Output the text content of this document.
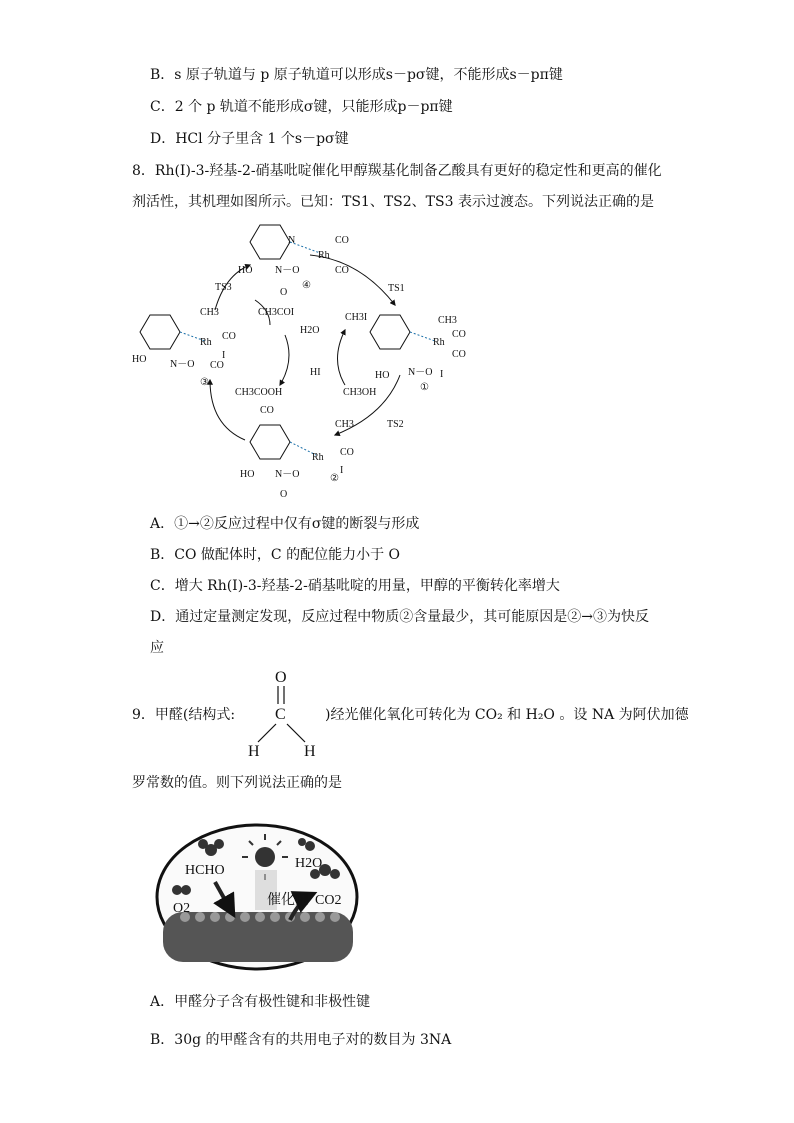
B．s 原子轨道与 p 原子轨道可以形成s－pσ键，不能形成s－pπ键
C．2 个 p 轨道不能形成σ键，只能形成p－pπ键
D．HCl 分子里含 1 个s－pσ键
8．Rh(I)-3-羟基-2-硝基吡啶催化甲醇羰基化制备乙酸具有更好的稳定性和更高的催化
剂活性，其机理如图所示。已知：TS1、TS2、TS3 表示过渡态。下列说法正确的是
N
Rh
CO
CO
HO N－O
O
④
TS3
CH3COI
TS1
CH3I
H2O
HI
CH3OH
CH3COOH
HO N－O
Rh
CH3
CO
CO
I
①
TS2
Rh
CO
I
CO
HO N－O
③
CH3
CO
Rh
CH3
CO
I
HO N－O
O
②
A．①→②反应过程中仅有σ键的断裂与形成
B．CO 做配体时，C 的配位能力小于 O
C．增大 Rh(I)-3-羟基-2-硝基吡啶的用量，甲醇的平衡转化率增大
D．通过定量测定发现，反应过程中物质②含量最少，其可能原因是②→③为快反
应
9．甲醛(结构式:
O
C
H	H
)经光催化氧化可转化为 CO₂ 和 H₂O 。设 NA 为阿伏加德
罗常数的值。则下列说法正确的是
HCHO	H2O
O2
催化剂 CO2
A．甲醛分子含有极性键和非极性键
B．30g 的甲醛含有的共用电子对的数目为 3NA
